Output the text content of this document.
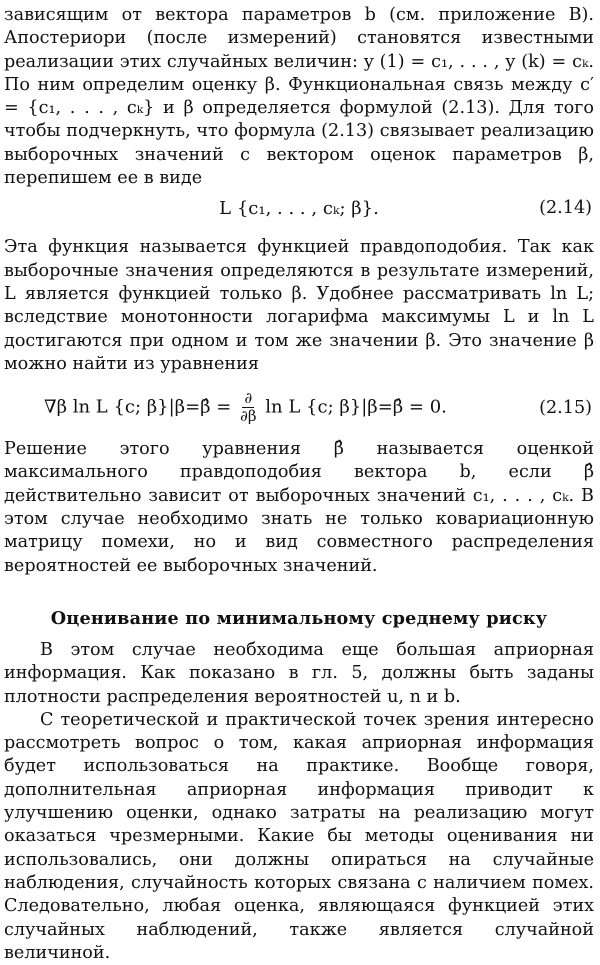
зависящим от вектора параметров b (см. приложение В). Апостериори (после измерений) становятся известными реализации этих случайных величин: y (1) = c₁, . . . , y (k) = cₖ. По ним определим оценку β. Функциональная связь между c′ = {c₁, . . . , cₖ} и β определяется формулой (2.13). Для того чтобы подчеркнуть, что формула (2.13) связывает реализацию выборочных значений с вектором оценок параметров β, перепишем ее в виде

L {c₁, . . . , cₖ; β}.	(2.14)

Эта функция называется функцией правдоподобия. Так как выборочные значения определяются в результате измерений, L является функцией только β. Удобнее рассматривать ln L; вследствие монотонности логарифма максимумы L и ln L достигаются при одном и том же значении β. Это значение β можно найти из уравнения

∇β ln L {c; β}|β=β̂ = $\frac{\partial}{\partial\beta}$ ln L {c; β}|β=β̂ = 0.	(2.15)

Решение этого уравнения β̂ называется оценкой максимального правдоподобия вектора b, если β̂ действительно зависит от выборочных значений c₁, . . . , cₖ. В этом случае необходимо знать не только ковариационную матрицу помехи, но и вид совместного распределения вероятностей ее выборочных значений.

Оценивание по минимальному среднему риску

В этом случае необходима еще большая априорная информация. Как показано в гл. 5, должны быть заданы плотности распределения вероятностей u, n и b.

С теоретической и практической точек зрения интересно рассмотреть вопрос о том, какая априорная информация будет использоваться на практике. Вообще говоря, дополнительная априорная информация приводит к улучшению оценки, однако затраты на реализацию могут оказаться чрезмерными. Какие бы методы оценивания ни использовались, они должны опираться на случайные наблюдения, случайность которых связана с наличием помех. Следовательно, любая оценка, являющаяся функцией этих случайных наблюдений, также является случайной величиной.
